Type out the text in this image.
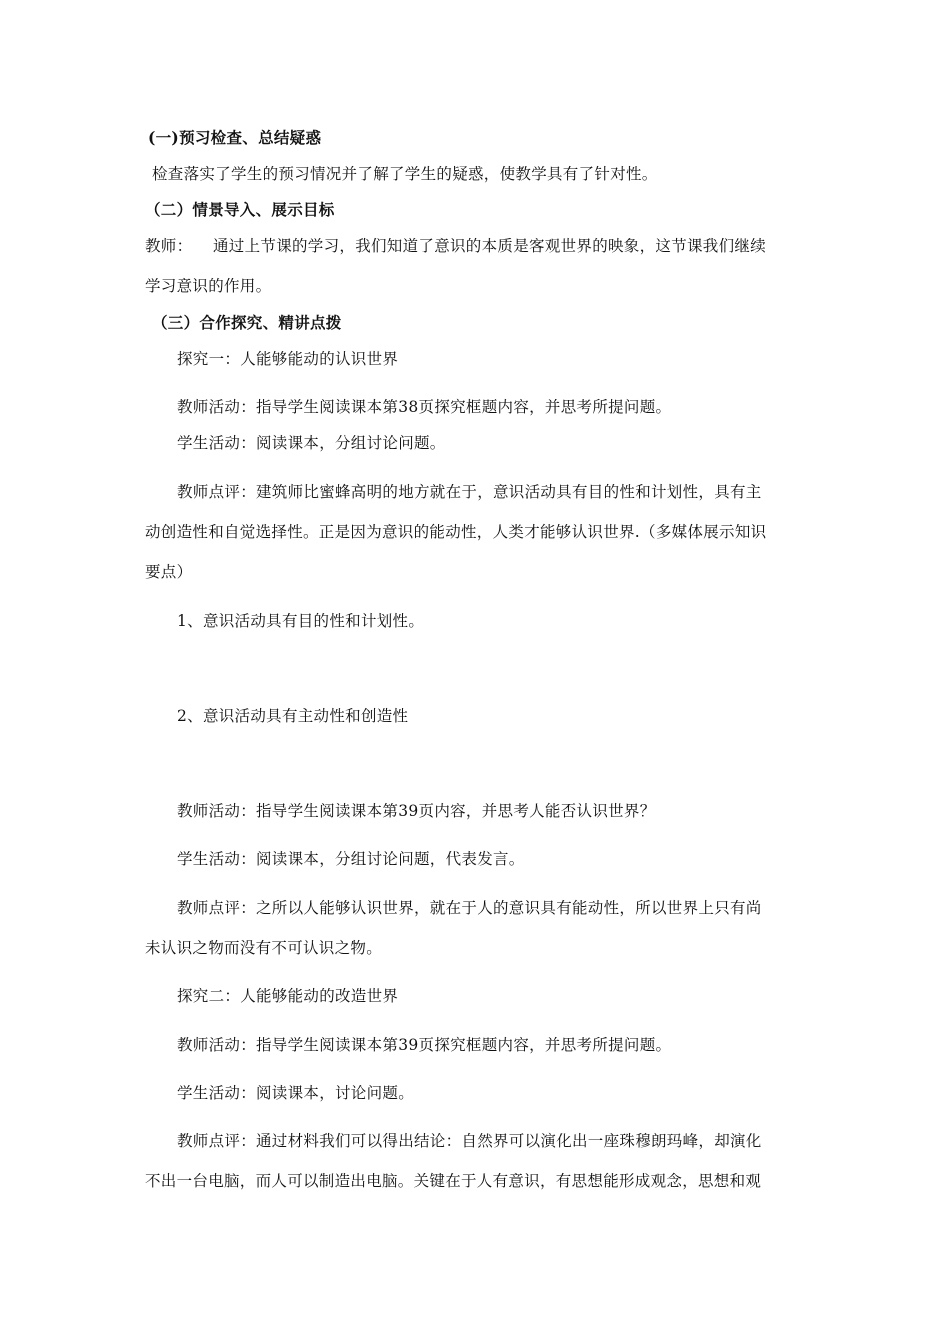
(一)预习检查、总结疑惑
检查落实了学生的预习情况并了解了学生的疑惑，使教学具有了针对性。
（二）情景导入、展示目标
教师： 通过上节课的学习，我们知道了意识的本质是客观世界的映象，这节课我们继续
学习意识的作用。
（三）合作探究、精讲点拨
探究一：人能够能动的认识世界
教师活动：指导学生阅读课本第38页探究框题内容，并思考所提问题。
学生活动：阅读课本，分组讨论问题。
教师点评：建筑师比蜜蜂高明的地方就在于，意识活动具有目的性和计划性，具有主
动创造性和自觉选择性。正是因为意识的能动性，人类才能够认识世界.（多媒体展示知识
要点）
1、意识活动具有目的性和计划性。
2、意识活动具有主动性和创造性
教师活动：指导学生阅读课本第39页内容，并思考人能否认识世界？
学生活动：阅读课本，分组讨论问题，代表发言。
教师点评：之所以人能够认识世界，就在于人的意识具有能动性，所以世界上只有尚
未认识之物而没有不可认识之物。
探究二：人能够能动的改造世界
教师活动：指导学生阅读课本第39页探究框题内容，并思考所提问题。
学生活动：阅读课本，讨论问题。
教师点评：通过材料我们可以得出结论：自然界可以演化出一座珠穆朗玛峰，却演化
不出一台电脑，而人可以制造出电脑。关键在于人有意识，有思想能形成观念，思想和观
